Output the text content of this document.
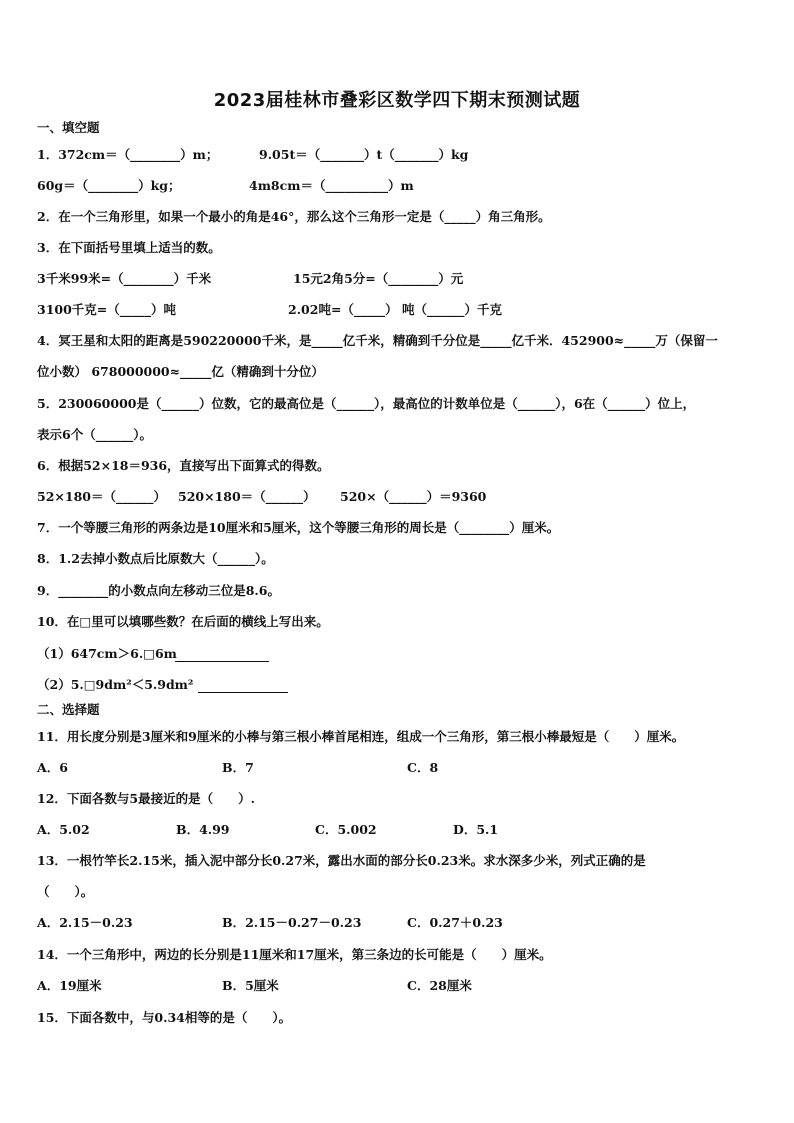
2023届桂林市叠彩区数学四下期末预测试题
一、填空题
1．372cm＝（________）m；	9.05t＝（_______）t（_______）kg
60g＝（________）kg；	4m8cm＝（__________）m
2．在一个三角形里，如果一个最小的角是46°，那么这个三角形一定是（_____）角三角形。
3．在下面括号里填上适当的数。
3千米99米=（________）千米	15元2角5分=（________）元
3100千克=（_____）吨	2.02吨=（_____） 吨（______）千克
4．冥王星和太阳的距离是590220000千米，是_____亿千米，精确到千分位是_____亿千米．452900≈_____万（保留一
位小数） 678000000≈_____亿（精确到十分位）
5．230060000是（______）位数，它的最高位是（______），最高位的计数单位是（______），6在（______）位上，
表示6个（______）。
6．根据52×18＝936，直接写出下面算式的得数。
52×180＝（______） 520×180＝（______） 520×（______）＝9360
7．一个等腰三角形的两条边是10厘米和5厘米，这个等腰三角形的周长是（________）厘米。
8．1.2去掉小数点后比原数大（______）。
9．________的小数点向左移动三位是8.6。
10．在□里可以填哪些数？在后面的横线上写出来。
（1）647cm＞6.□6m
（2）5.□9dm²＜5.9dm²
二、选择题
11．用长度分别是3厘米和9厘米的小棒与第三根小棒首尾相连，组成一个三角形，第三根小棒最短是（　　）厘米。
A．6	B．7	C．8
12．下面各数与5最接近的是（　　）.
A．5.02	B．4.99	C．5.002	D．5.1
13．一根竹竿长2.15米，插入泥中部分长0.27米，露出水面的部分长0.23米。求水深多少米，列式正确的是
（　　）。
A．2.15－0.23	B．2.15－0.27－0.23	C．0.27＋0.23
14．一个三角形中，两边的长分别是11厘米和17厘米，第三条边的长可能是（　　）厘米。
A．19厘米	B．5厘米	C．28厘米
15．下面各数中，与0.34相等的是（　　）。
